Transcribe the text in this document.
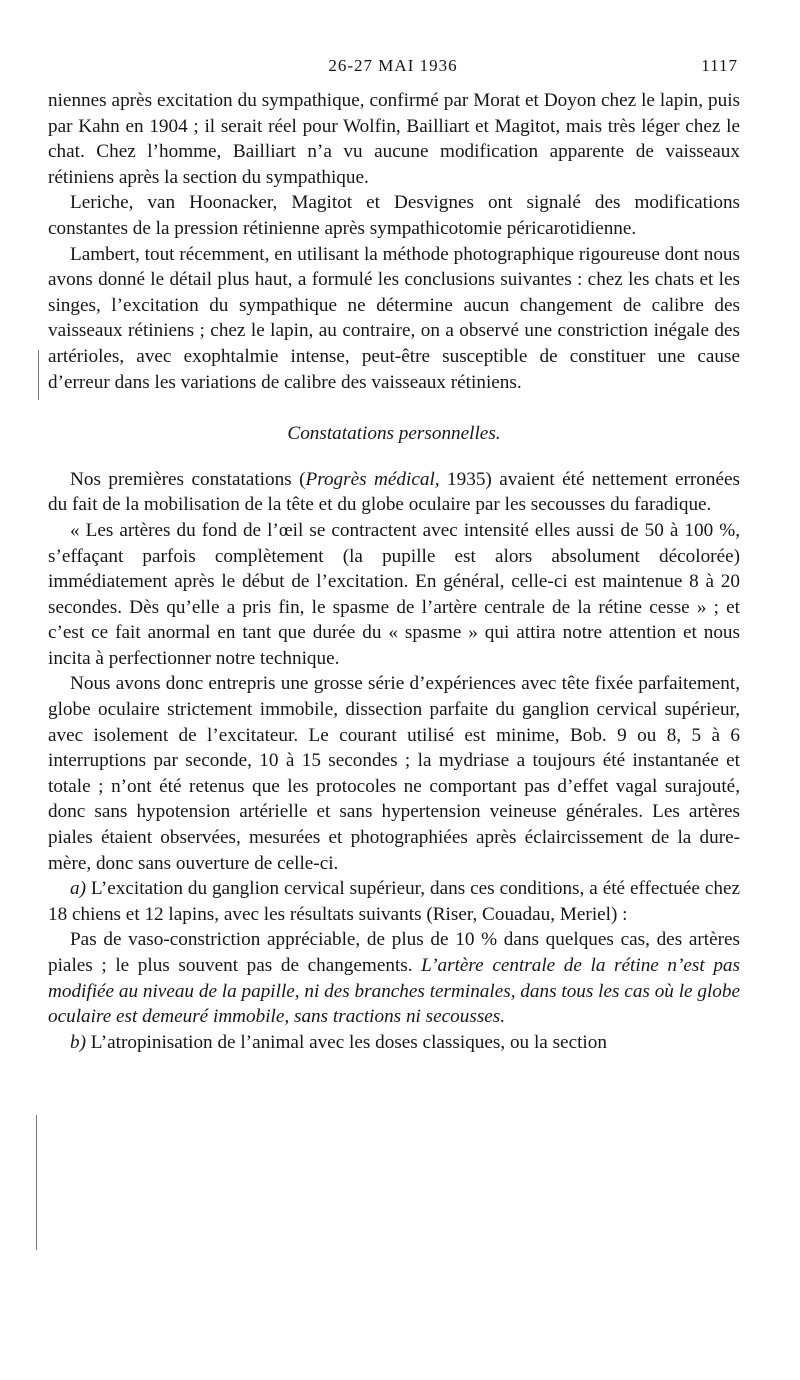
26-27 MAI 1936	1117

niennes après excitation du sympathique, confirmé par Morat et Doyon chez le lapin, puis par Kahn en 1904 ; il serait réel pour Wolfin, Bailliart et Magitot, mais très léger chez le chat. Chez l’homme, Bailliart n’a vu aucune modification apparente de vaisseaux rétiniens après la section du sympathique.

Leriche, van Hoonacker, Magitot et Desvignes ont signalé des modifications constantes de la pression rétinienne après sympathicotomie péricarotidienne.

Lambert, tout récemment, en utilisant la méthode photographique rigoureuse dont nous avons donné le détail plus haut, a formulé les conclusions suivantes : chez les chats et les singes, l’excitation du sympathique ne détermine aucun changement de calibre des vaisseaux rétiniens ; chez le lapin, au contraire, on a observé une constriction inégale des artérioles, avec exophtalmie intense, peut-être susceptible de constituer une cause d’erreur dans les variations de calibre des vaisseaux rétiniens.

Constatations personnelles.

Nos premières constatations (Progrès médical, 1935) avaient été nettement erronées du fait de la mobilisation de la tête et du globe oculaire par les secousses du faradique.

« Les artères du fond de l’œil se contractent avec intensité elles aussi de 50 à 100 %, s’effaçant parfois complètement (la pupille est alors absolument décolorée) immédiatement après le début de l’excitation. En général, celle-ci est maintenue 8 à 20 secondes. Dès qu’elle a pris fin, le spasme de l’artère centrale de la rétine cesse » ; et c’est ce fait anormal en tant que durée du « spasme » qui attira notre attention et nous incita à perfectionner notre technique.

Nous avons donc entrepris une grosse série d’expériences avec tête fixée parfaitement, globe oculaire strictement immobile, dissection parfaite du ganglion cervical supérieur, avec isolement de l’excitateur. Le courant utilisé est minime, Bob. 9 ou 8, 5 à 6 interruptions par seconde, 10 à 15 secondes ; la mydriase a toujours été instantanée et totale ; n’ont été retenus que les protocoles ne comportant pas d’effet vagal surajouté, donc sans hypotension artérielle et sans hypertension veineuse générales. Les artères piales étaient observées, mesurées et photographiées après éclaircissement de la dure-mère, donc sans ouverture de celle-ci.

a) L’excitation du ganglion cervical supérieur, dans ces conditions, a été effectuée chez 18 chiens et 12 lapins, avec les résultats suivants (Riser, Couadau, Meriel) :

Pas de vaso-constriction appréciable, de plus de 10 % dans quelques cas, des artères piales ; le plus souvent pas de changements. L’artère centrale de la rétine n’est pas modifiée au niveau de la papille, ni des branches terminales, dans tous les cas où le globe oculaire est demeuré immobile, sans tractions ni secousses.

b) L’atropinisation de l’animal avec les doses classiques, ou la section
